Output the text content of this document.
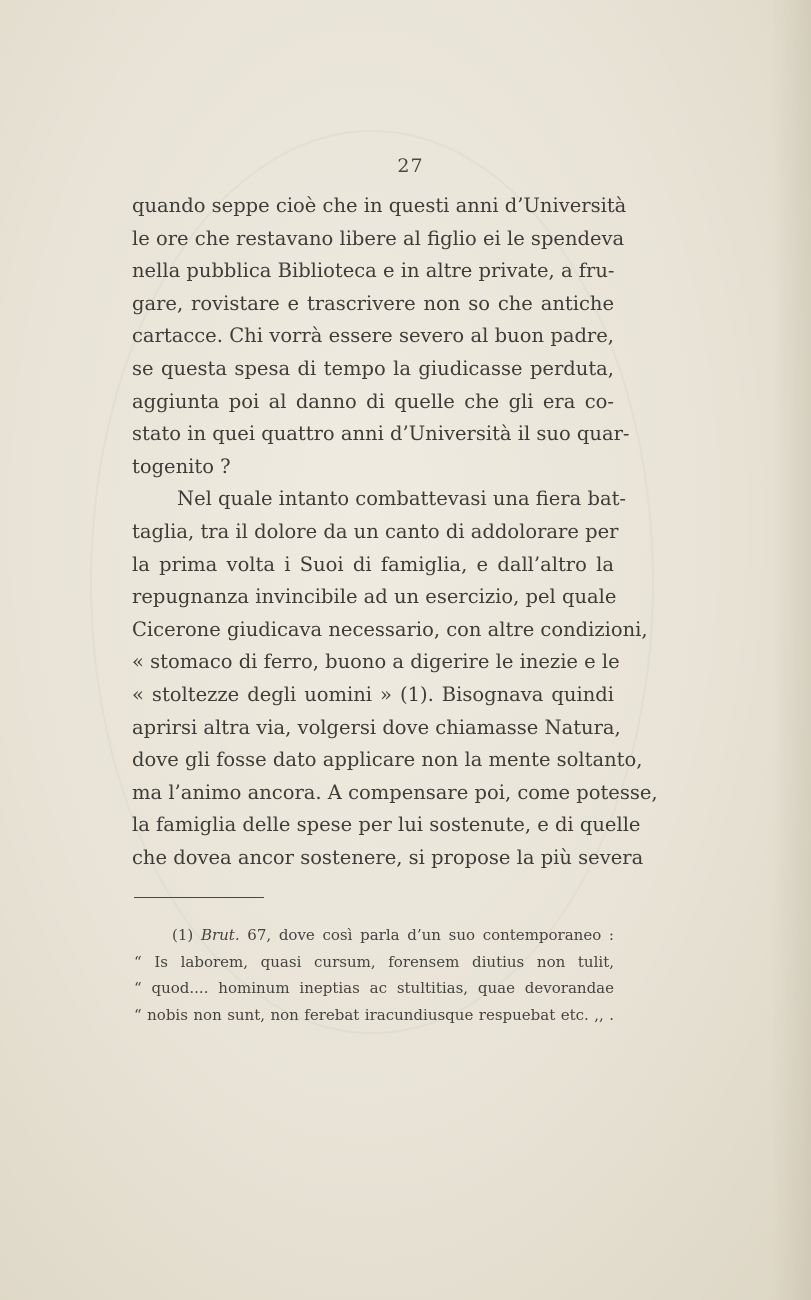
27
quando seppe cioè che in questi anni d’Università
le ore che restavano libere al figlio ei le spendeva
nella pubblica Biblioteca e in altre private, a fru-
gare, rovistare e trascrivere non so che antiche
cartacce. Chi vorrà essere severo al buon padre,
se questa spesa di tempo la giudicasse perduta,
aggiunta poi al danno di quelle che gli era co-
stato in quei quattro anni d’Università il suo quar-
togenito ?
Nel quale intanto combattevasi una fiera bat-
taglia, tra il dolore da un canto di addolorare per
la prima volta i Suoi di famiglia, e dall’altro la
repugnanza invincibile ad un esercizio, pel quale
Cicerone giudicava necessario, con altre condizioni,
« stomaco di ferro, buono a digerire le inezie e le
« stoltezze degli uomini » (1). Bisognava quindi
aprirsi altra via, volgersi dove chiamasse Natura,
dove gli fosse dato applicare non la mente soltanto,
ma l’animo ancora. A compensare poi, come potesse,
la famiglia delle spese per lui sostenute, e di quelle
che dovea ancor sostenere, si propose la più severa
(1) Brut. 67, dove così parla d’un suo contemporaneo :
“ Is laborem, quasi cursum, forensem diutius non tulit,
“ quod.... hominum ineptias ac stultitias, quae devorandae
“ nobis non sunt, non ferebat iracundiusque respuebat etc. ,, .
